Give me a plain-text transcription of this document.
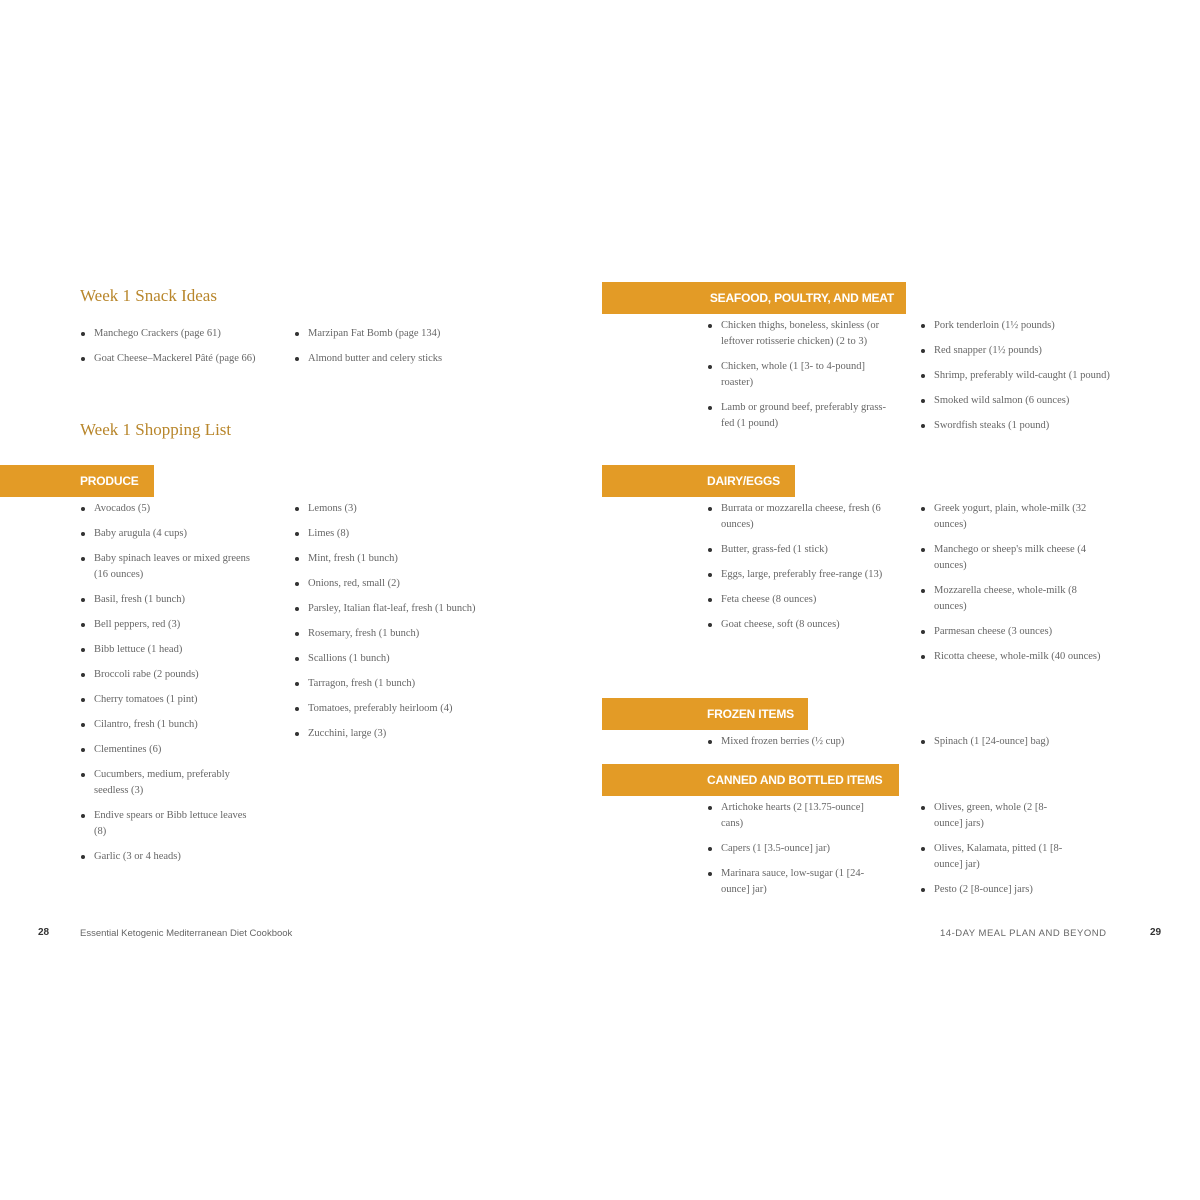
Week 1 Snack Ideas
Manchego Crackers (page 61)
Goat Cheese–Mackerel Pâté (page 66)
Marzipan Fat Bomb (page 134)
Almond butter and celery sticks
Week 1 Shopping List
PRODUCE
Avocados (5)
Baby arugula (4 cups)
Baby spinach leaves or mixed greens (16 ounces)
Basil, fresh (1 bunch)
Bell peppers, red (3)
Bibb lettuce (1 head)
Broccoli rabe (2 pounds)
Cherry tomatoes (1 pint)
Cilantro, fresh (1 bunch)
Clementines (6)
Cucumbers, medium, preferably seedless (3)
Endive spears or Bibb lettuce leaves (8)
Garlic (3 or 4 heads)
Lemons (3)
Limes (8)
Mint, fresh (1 bunch)
Onions, red, small (2)
Parsley, Italian flat-leaf, fresh (1 bunch)
Rosemary, fresh (1 bunch)
Scallions (1 bunch)
Tarragon, fresh (1 bunch)
Tomatoes, preferably heirloom (4)
Zucchini, large (3)
28	Essential Ketogenic Mediterranean Diet Cookbook
SEAFOOD, POULTRY, AND MEAT
Chicken thighs, boneless, skinless (or leftover rotisserie chicken) (2 to 3)
Chicken, whole (1 [3- to 4-pound] roaster)
Lamb or ground beef, preferably grass-fed (1 pound)
Pork tenderloin (1½ pounds)
Red snapper (1½ pounds)
Shrimp, preferably wild-caught (1 pound)
Smoked wild salmon (6 ounces)
Swordfish steaks (1 pound)
DAIRY/EGGS
Burrata or mozzarella cheese, fresh (6 ounces)
Butter, grass-fed (1 stick)
Eggs, large, preferably free-range (13)
Feta cheese (8 ounces)
Goat cheese, soft (8 ounces)
Greek yogurt, plain, whole-milk (32 ounces)
Manchego or sheep's milk cheese (4 ounces)
Mozzarella cheese, whole-milk (8 ounces)
Parmesan cheese (3 ounces)
Ricotta cheese, whole-milk (40 ounces)
FROZEN ITEMS
Mixed frozen berries (½ cup)	Spinach (1 [24-ounce] bag)
CANNED AND BOTTLED ITEMS
Artichoke hearts (2 [13.75-ounce] cans)
Capers (1 [3.5-ounce] jar)
Marinara sauce, low-sugar (1 [24-ounce] jar)
Olives, green, whole (2 [8-ounce] jars)
Olives, Kalamata, pitted (1 [8-ounce] jar)
Pesto (2 [8-ounce] jars)
14-DAY MEAL PLAN AND BEYOND	29
